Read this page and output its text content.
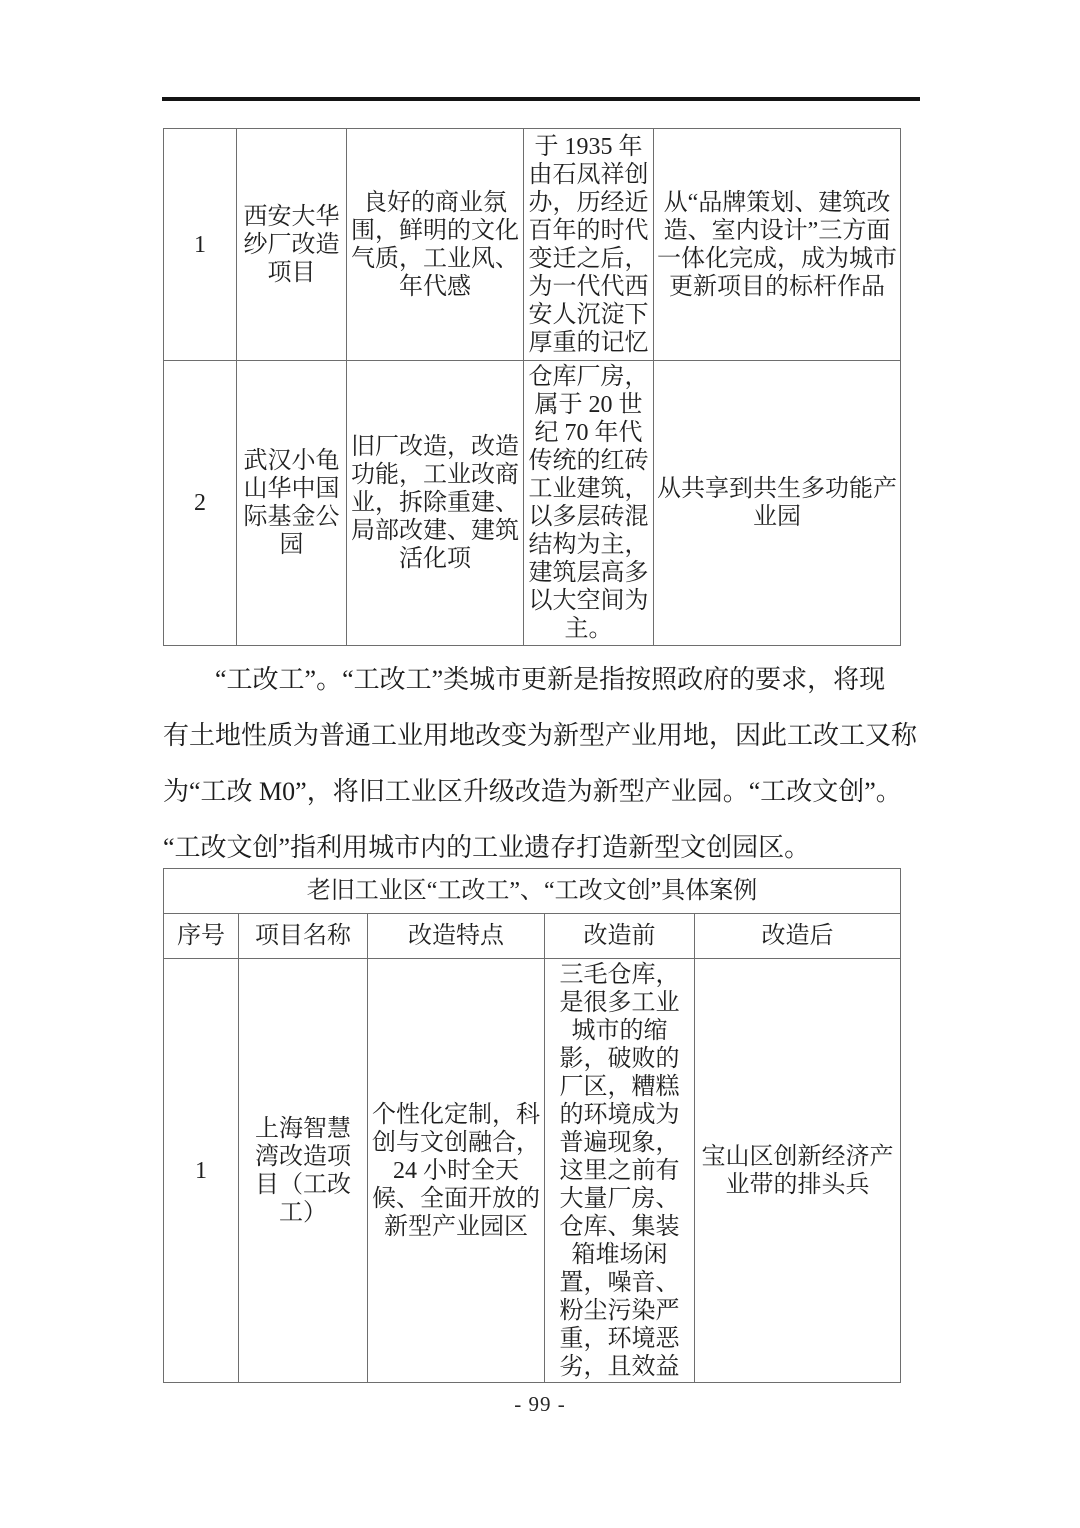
1	西安大华纱厂改造项目	良好的商业氛围，鲜明的文化气质，工业风、年代感	于 1935 年由石凤祥创办，历经近百年的时代变迁之后，为一代代西安人沉淀下厚重的记忆	从“品牌策划、建筑改造、室内设计”三方面一体化完成，成为城市更新项目的标杆作品
2	武汉小龟山华中国际基金公园	旧厂改造，改造功能，工业改商业，拆除重建、局部改建、建筑活化项	仓库厂房，属于 20 世纪 70 年代传统的红砖工业建筑，以多层砖混结构为主，建筑层高多以大空间为主。	从共享到共生多功能产业园
“工改工”。“工改工”类城市更新是指按照政府的要求，将现
有土地性质为普通工业用地改变为新型产业用地，因此工改工又称
为“工改 M0”，将旧工业区升级改造为新型产业园。“工改文创”。
“工改文创”指利用城市内的工业遗存打造新型文创园区。
老旧工业区“工改工”、“工改文创”具体案例				
序号	项目名称	改造特点	改造前	改造后
1	上海智慧湾改造项目（工改工）	个性化定制，科创与文创融合，24 小时全天候、全面开放的新型产业园区	三毛仓库，是很多工业城市的缩影，破败的厂区，糟糕的环境成为普遍现象，这里之前有大量厂房、仓库、集装箱堆场闲置，噪音、粉尘污染严重，环境恶劣，且效益	宝山区创新经济产业带的排头兵
- 99 -
